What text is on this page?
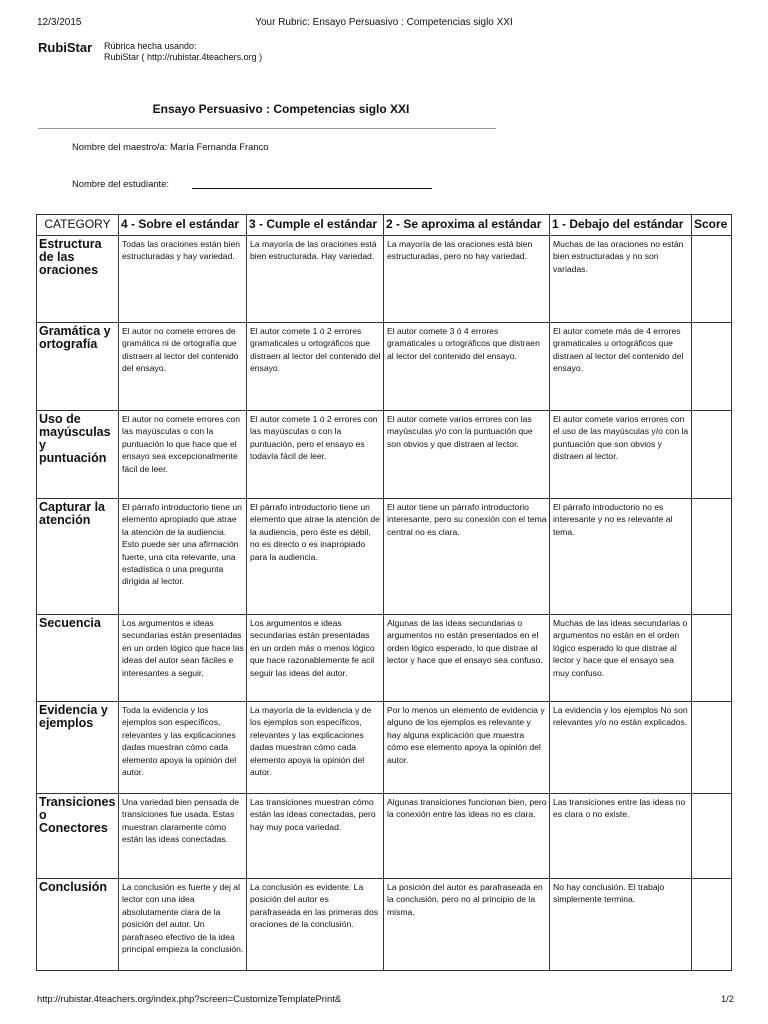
12/3/2015	Your Rubric: Ensayo Persuasivo : Competencias siglo XXI
RubiStar Rúbrica hecha usando:
RubiStar ( http://rubistar.4teachers.org )
Ensayo Persuasivo : Competencias siglo XXI
Nombre del maestro/a: María Fernanda Franco
Nombre del estudiante:
CATEGORY	4 - Sobre el estándar	3 - Cumple el estándar	2 - Se aproxima al estándar	1 - Debajo del estándar	Score
Estructura de las oraciones	Todas las oraciones están bien estructuradas y hay variedad.	La mayoría de las oraciones está bien estructurada. Hay variedad.	La mayoría de las oraciones está bien estructuradas, pero no hay variedad.	Muchas de las oraciones no están bien estructuradas y no son variadas.	
Gramática y ortografía	El autor no comete errores de gramática ni de ortografía que distraen al lector del contenido del ensayo.	El autor comete 1 ó 2 errores gramaticales u ortográficos que distraen al lector del contenido del ensayo.	El autor comete 3 ó 4 errores gramaticales u ortográficos que distraen al lector del contenido del ensayo.	El autor comete más de 4 errores gramaticales u ortográficos que distraen al lector del contenido del ensayo.	
Uso de mayúsculas y puntuación	El autor no comete errores con las mayúsculas o con la puntuación lo que hace que el ensayo sea excepcionalmente fácil de leer.	El autor comete 1 ó 2 errores con las mayúsculas o con la puntuación, pero el ensayo es todavía fácil de leer.	El autor comete varios errores con las mayúsculas y/o con la puntuación que son obvios y que distraen al lector.	El autor comete varios errores con el uso de las mayúsculas y/o con la puntuación que son obvios y distraen al lector.	
Capturar la atención	El párrafo introductorio tiene un elemento apropiado que atrae la atención de la audiencia. Esto puede ser una afirmación fuerte, una cita relevante, una estadística o una pregunta dirigida al lector.	El párrafo introductorio tiene un elemento que atrae la atención de la audiencia, pero éste es débil, no es directo o es inapropiado para la audiencia.	El autor tiene un párrafo introductorio interesante, pero su conexión con el tema central no es clara.	El párrafo introductorio no es interesante y no es relevante al tema.	
Secuencia	Los argumentos e ideas secundarias están presentadas en un orden lógico que hace las ideas del autor sean fáciles e interesantes a seguir.	Los argumentos e ideas secundarias están presentadas en un orden más o menos lógico que hace razonablemente fe acil seguir las ideas del autor.	Algunas de las ideas secundarias o argumentos no están presentados en el orden lógico esperado, lo que distrae al lector y hace que el ensayo sea confuso.	Muchas de las ideas secundarias o argumentos no están en el orden lógico esperado lo que distrae al lector y hace que el ensayo sea muy confuso.	
Evidencia y ejemplos	Toda la evidencia y los ejemplos son específicos, relevantes y las explicaciones dadas muestran cómo cada elemento apoya la opinión del autor.	La mayoría de la evidencia y de los ejemplos son específicos, relevantes y las explicaciones dadas muestran cómo cada elemento apoya la opinión del autor.	Por lo menos un elemento de evidencia y alguno de los ejemplos es relevante y hay alguna explicación que muestra cómo ese elemento apoya la opinión del autor.	La evidencia y los ejemplos No son relevantes y/o no están explicados.	
Transiciones o Conectores	Una variedad bien pensada de transiciones fue usada. Estas muestran claramente cómo están las ideas conectadas.	Las transiciones muestran cómo están las ideas conectadas, pero hay muy poca variedad.	Algunas transiciones funcionan bien, pero la conexión entre las ideas no es clara.	Las transiciones entre las ideas no es clara o no existe.	
Conclusión	La conclusión es fuerte y dej al lector con una idea absolutamente clara de la posición del autor. Un parafraseo efectivo de la idea principal empieza la conclusión.	La conclusión es evidente. La posición del autor es parafraseada en las primeras dos oraciones de la conclusión.	La posición del autor es parafraseada en la conclusión, pero no al principio de la misma.	No hay conclusión. El trabajo simplemente termina.	
http://rubistar.4teachers.org/index.php?screen=CustomizeTemplatePrint&	1/2
